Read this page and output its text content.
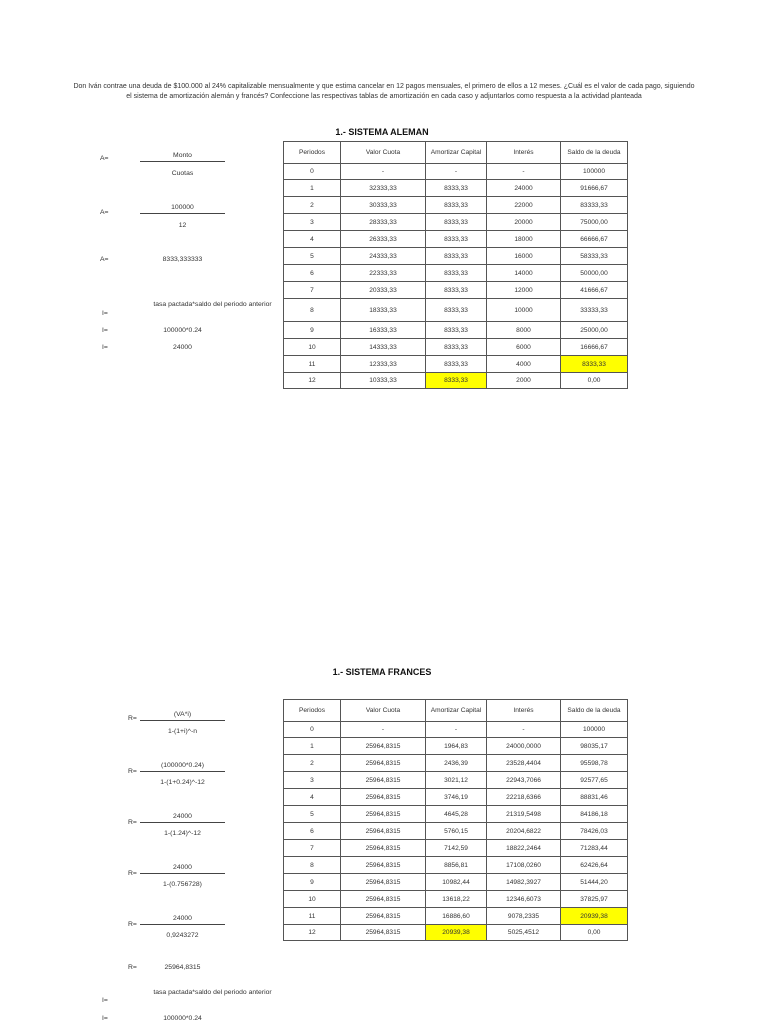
Don Iván contrae una deuda de $100.000 al 24% capitalizable mensualmente y que estima cancelar en 12 pagos mensuales, el primero de ellos a 12 meses. ¿Cuál es el valor de cada pago, siguiendo el sistema de amortización alemán y francés? Confeccione las respectivas tablas de amortización en cada caso y adjuntarlos como respuesta a la actividad planteada
1.- SISTEMA ALEMAN
A=	Monto
Cuotas
A=
100000
12
A=	8333,333333
tasa pactada*saldo del periodo anterior
I=
I=	100000*0.24
I=	24000
Periodos	Valor Cuota	Amortizar Capital	Interés	Saldo de la deuda
0	-	-	-	100000
1	32333,33	8333,33	24000	91666,67
2	30333,33	8333,33	22000	83333,33
3	28333,33	8333,33	20000	75000,00
4	26333,33	8333,33	18000	66666,67
5	24333,33	8333,33	16000	58333,33
6	22333,33	8333,33	14000	50000,00
7	20333,33	8333,33	12000	41666,67
8	18333,33	8333,33	10000	33333,33
9	16333,33	8333,33	8000	25000,00
10	14333,33	8333,33	6000	16666,67
11	12333,33	8333,33	4000	8333,33
12	10333,33	8333,33	2000	0,00
1.- SISTEMA FRANCES
R=
(VA*i)
1-(1+i)^-n
R=
(100000*0.24)
1-(1+0.24)^-12
R=
24000
1-(1.24)^-12
R=
24000
1-(0.756728)
R=
24000
0,9243272
R=	25964,8315
tasa pactada*saldo del periodo anterior
I=
I=	100000*0.24
Periodos	Valor Cuota	Amortizar Capital	Interés	Saldo de la deuda
0	-	-	-	100000
1	25964,8315	1964,83	24000,0000	98035,17
2	25964,8315	2436,39	23528,4404	95598,78
3	25964,8315	3021,12	22943,7066	92577,65
4	25964,8315	3746,19	22218,6366	88831,46
5	25964,8315	4645,28	21319,5498	84186,18
6	25964,8315	5760,15	20204,6822	78426,03
7	25964,8315	7142,59	18822,2464	71283,44
8	25964,8315	8856,81	17108,0260	62426,64
9	25964,8315	10982,44	14982,3927	51444,20
10	25964,8315	13618,22	12346,6073	37825,97
11	25964,8315	16886,60	9078,2335	20939,38
12	25964,8315	20939,38	5025,4512	0,00
